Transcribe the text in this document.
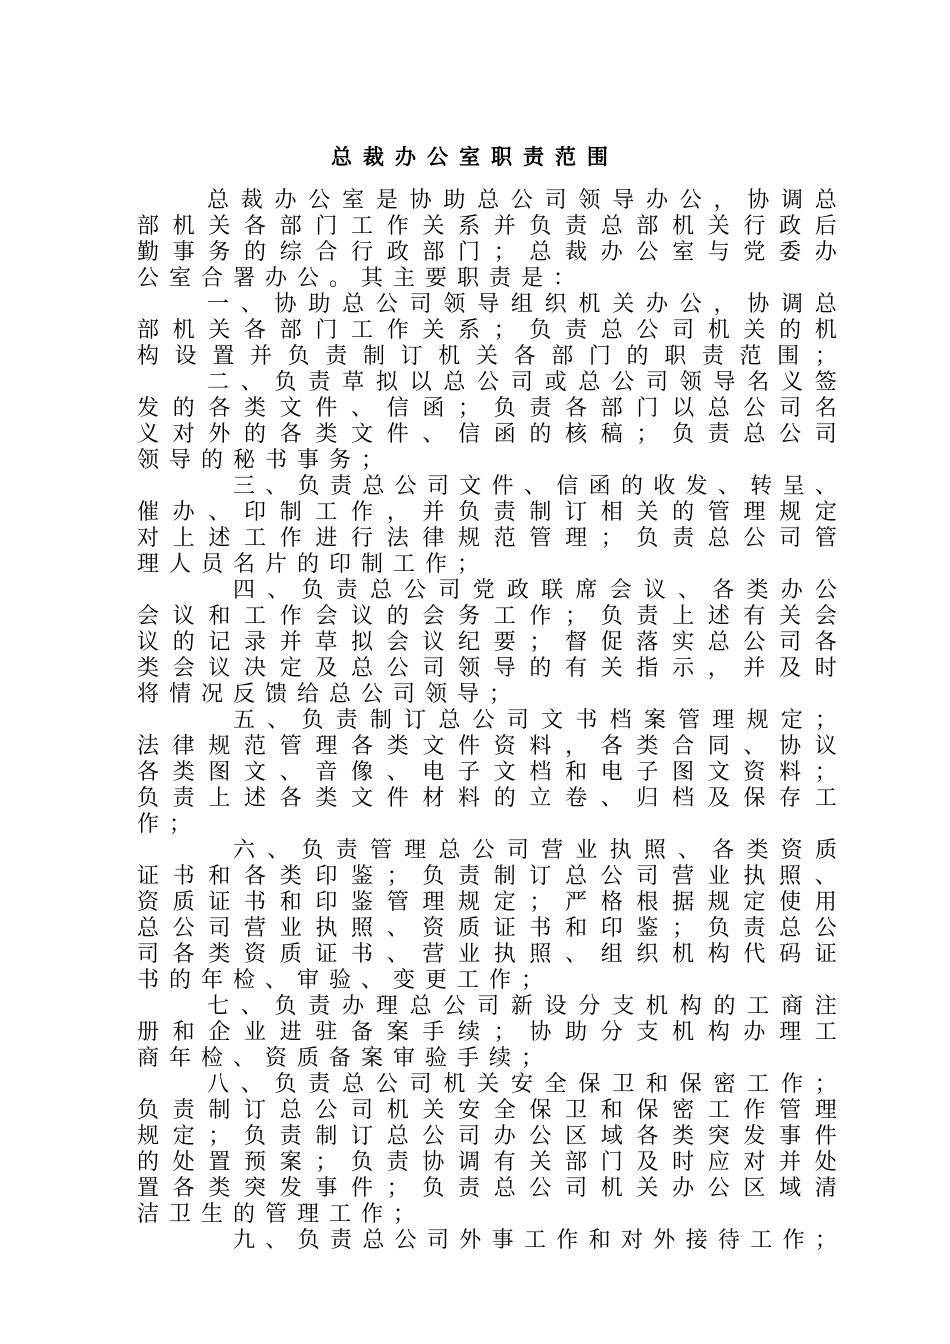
总裁办公室职责范围
总 裁 办 公 室 是 协 助 总 公 司 领 导 办 公 ， 协 调 总
部 机 关 各 部 门 工 作 关 系 并 负 责 总 部 机 关 行 政 后
勤 事 务 的 综 合 行 政 部 门 ； 总 裁 办 公 室 与 党 委 办
公 室 合 署 办 公 。 其 主 要 职 责 是 ：
一 、 协 助 总 公 司 领 导 组 织 机 关 办 公 ， 协 调 总
部 机 关 各 部 门 工 作 关 系 ； 负 责 总 公 司 机 关 的 机
构 设 置 并 负 责 制 订 机 关 各 部 门 的 职 责 范 围 ；
二 、 负 责 草 拟 以 总 公 司 或 总 公 司 领 导 名 义 签
发 的 各 类 文 件 、 信 函 ； 负 责 各 部 门 以 总 公 司 名
义 对 外 的 各 类 文 件 、 信 函 的 核 稿 ； 负 责 总 公 司
领 导 的 秘 书 事 务 ；
三 、 负 责 总 公 司 文 件 、 信 函 的 收 发 、 转 呈 、
催 办 、 印 制 工 作 ， 并 负 责 制 订 相 关 的 管 理 规 定
对 上 述 工 作 进 行 法 律 规 范 管 理 ； 负 责 总 公 司 管
理 人 员 名 片 的 印 制 工 作 ；
四 、 负 责 总 公 司 党 政 联 席 会 议 、 各 类 办 公
会 议 和 工 作 会 议 的 会 务 工 作 ； 负 责 上 述 有 关 会
议 的 记 录 并 草 拟 会 议 纪 要 ； 督 促 落 实 总 公 司 各
类 会 议 决 定 及 总 公 司 领 导 的 有 关 指 示 ， 并 及 时
将 情 况 反 馈 给 总 公 司 领 导 ；
五 、 负 责 制 订 总 公 司 文 书 档 案 管 理 规 定 ；
法 律 规 范 管 理 各 类 文 件 资 料 ， 各 类 合 同 、 协 议
各 类 图 文 、 音 像 、 电 子 文 档 和 电 子 图 文 资 料 ；
负 责 上 述 各 类 文 件 材 料 的 立 卷 、 归 档 及 保 存 工
作 ；
六 、 负 责 管 理 总 公 司 营 业 执 照 、 各 类 资 质
证 书 和 各 类 印 鉴 ； 负 责 制 订 总 公 司 营 业 执 照 、
资 质 证 书 和 印 鉴 管 理 规 定 ； 严 格 根 据 规 定 使 用
总 公 司 营 业 执 照 、 资 质 证 书 和 印 鉴 ； 负 责 总 公
司 各 类 资 质 证 书 、 营 业 执 照 、 组 织 机 构 代 码 证
书 的 年 检 、 审 验 、 变 更 工 作 ；
七 、 负 责 办 理 总 公 司 新 设 分 支 机 构 的 工 商 注
册 和 企 业 进 驻 备 案 手 续 ； 协 助 分 支 机 构 办 理 工
商 年 检 、 资 质 备 案 审 验 手 续 ；
八 、 负 责 总 公 司 机 关 安 全 保 卫 和 保 密 工 作 ；
负 责 制 订 总 公 司 机 关 安 全 保 卫 和 保 密 工 作 管 理
规 定 ； 负 责 制 订 总 公 司 办 公 区 域 各 类 突 发 事 件
的 处 置 预 案 ； 负 责 协 调 有 关 部 门 及 时 应 对 并 处
置 各 类 突 发 事 件 ； 负 责 总 公 司 机 关 办 公 区 域 清
洁 卫 生 的 管 理 工 作 ；
九 、 负 责 总 公 司 外 事 工 作 和 对 外 接 待 工 作 ；
